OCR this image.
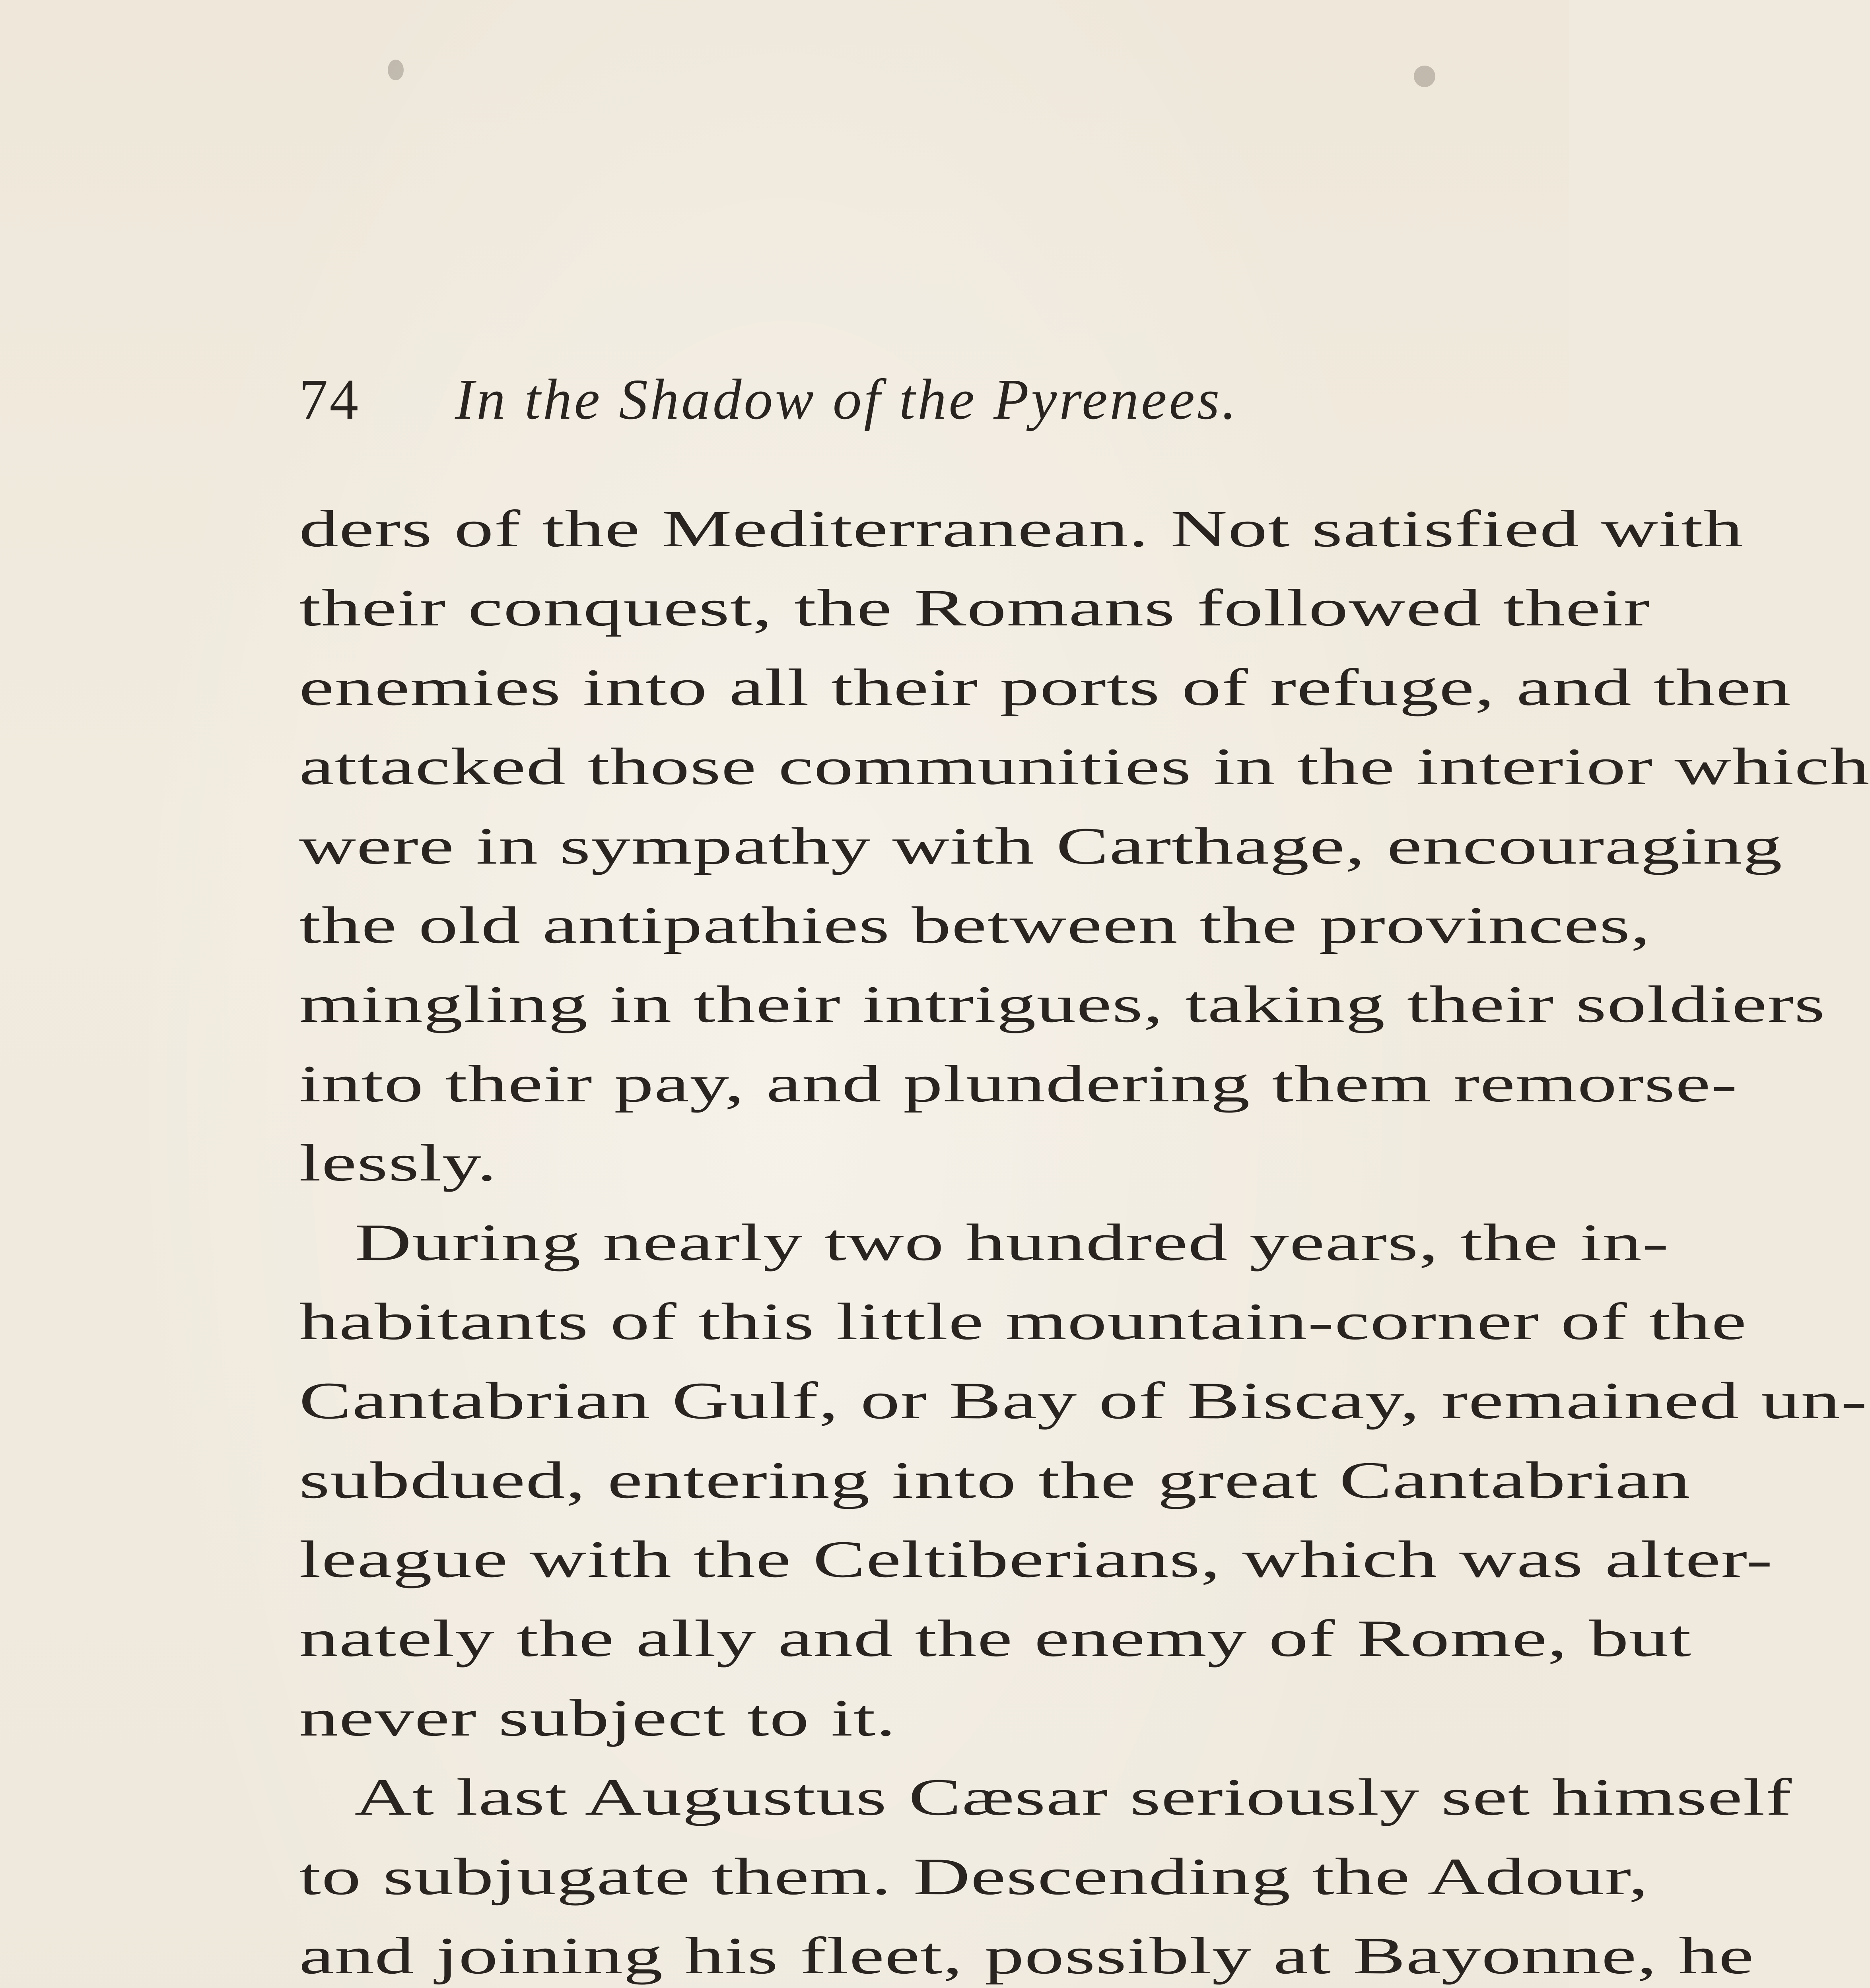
74 In the Shadow of the Pyrenees.
ders of the Mediterranean. Not satisfied with
their conquest, the Romans followed their
enemies into all their ports of refuge, and then
attacked those communities in the interior which
were in sympathy with Carthage, encouraging
the old antipathies between the provinces,
mingling in their intrigues, taking their soldiers
into their pay, and plundering them remorse-
lessly.
During nearly two hundred years, the in-
habitants of this little mountain-corner of the
Cantabrian Gulf, or Bay of Biscay, remained un-
subdued, entering into the great Cantabrian
league with the Celtiberians, which was alter-
nately the ally and the enemy of Rome, but
never subject to it.
At last Augustus Cæsar seriously set himself
to subjugate them. Descending the Adour,
and joining his fleet, possibly at Bayonne, he
